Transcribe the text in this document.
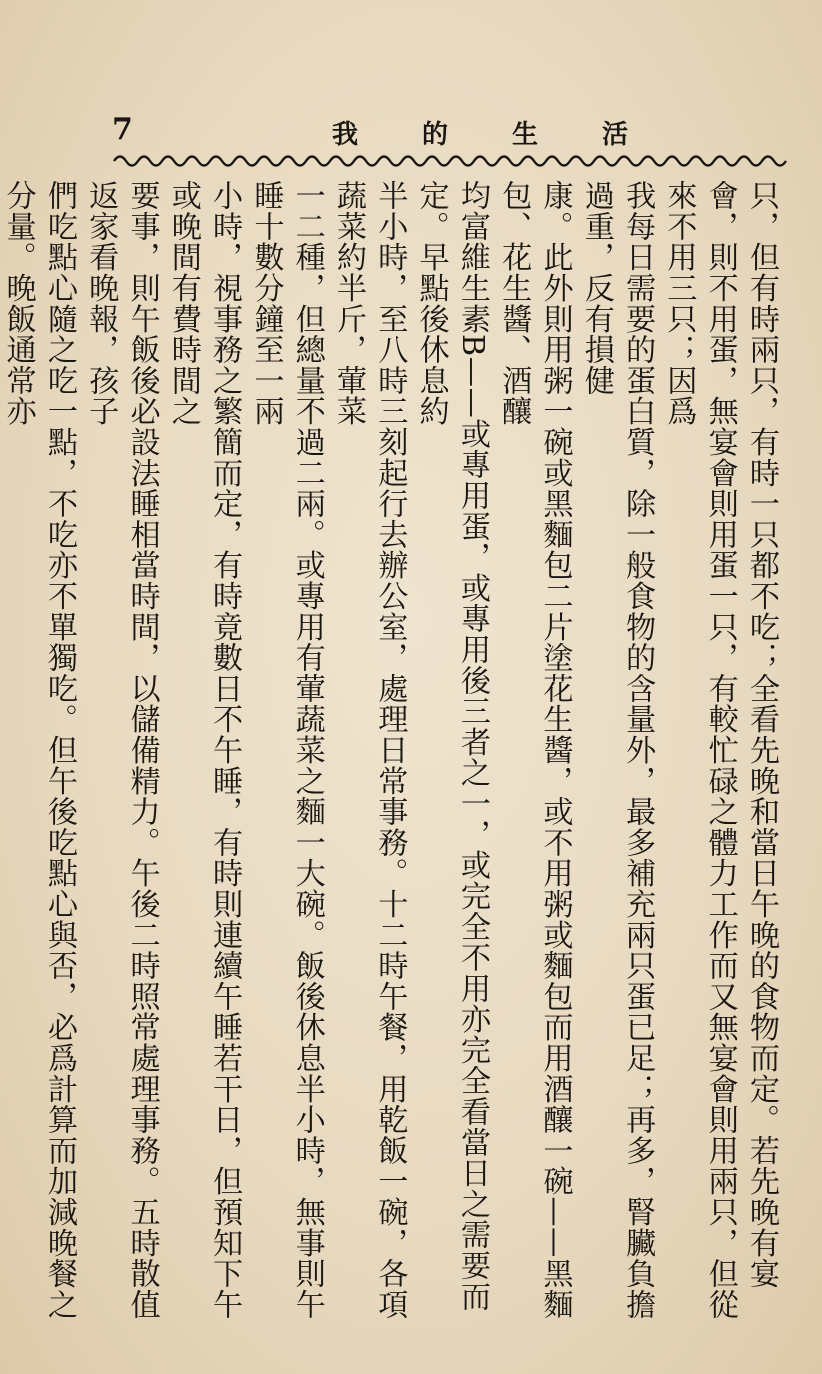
7	我 的 生 活
只，但有時兩只，有時一只都不吃；全看先晚和當日午晚的食物而定。若先晚有宴
會，則不用蛋，無宴會則用蛋一只，有較忙碌之體力工作而又無宴會則用兩只，但從來不用三只；因爲
我每日需要的蛋白質，除一般食物的含量外，最多補充兩只蛋已足；再多，腎臟負擔過重，反有損健
康。此外則用粥一碗或黑麵包二片塗花生醬，或不用粥或麵包而用酒釀一碗——黑麵包、花生醬、酒釀
均富維生素B——或專用蛋，或專用後三者之一，或完全不用亦完全看當日之需要而定。早點後休息約
半小時，至八時三刻起行去辦公室，處理日常事務。十二時午餐，用乾飯一碗，各項蔬菜約半斤，葷菜
一二種，但總量不過二兩。或專用有葷蔬菜之麵一大碗。飯後休息半小時，無事則午睡十數分鐘至一兩
小時，視事務之繁簡而定，有時竟數日不午睡，有時則連續午睡若干日，但預知下午或晚間有費時間之
要事，則午飯後必設法睡相當時間，以儲備精力。午後二時照常處理事務。五時散值返家看晚報，孩子
們吃點心隨之吃一點，不吃亦不單獨吃。但午後吃點心與否，必爲計算而加減晚餐之分量。晚飯通常亦
